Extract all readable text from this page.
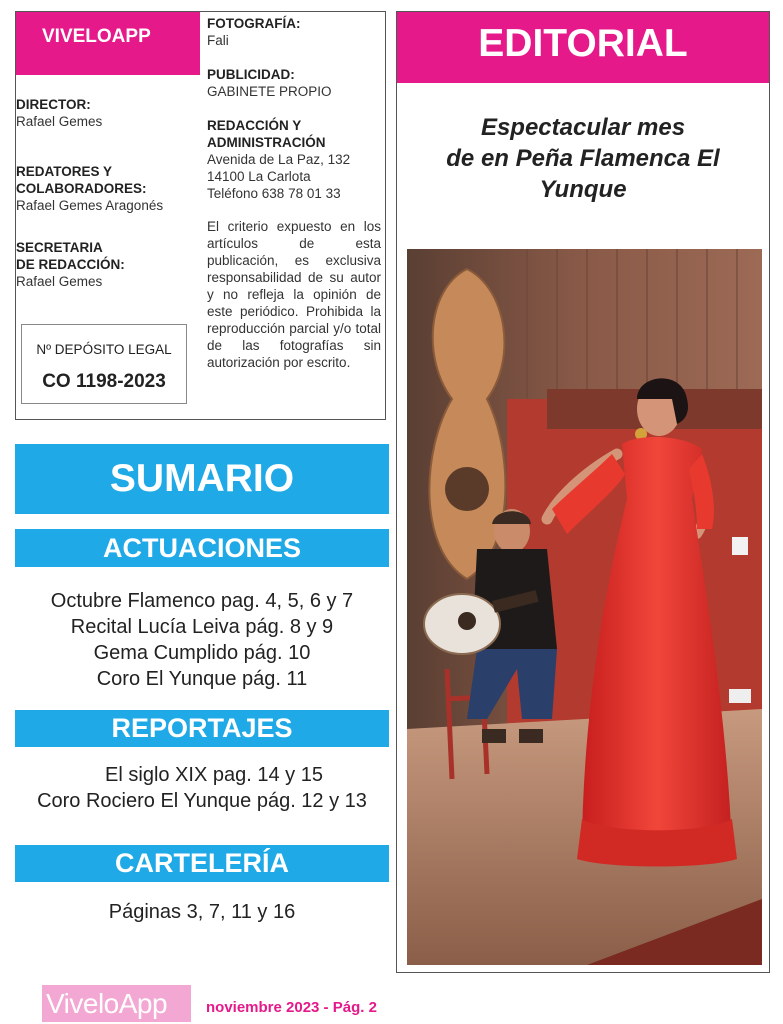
VIVELOAPP
DIRECTOR:
Rafael Gemes
REDATORES Y
COLABORADORES:
Rafael Gemes Aragonés
SECRETARIA
DE REDACCIÓN:
Rafael Gemes
Nº DEPÓSITO LEGAL
CO 1198-2023
FOTOGRAFÍA:
Fali
PUBLICIDAD:
GABINETE PROPIO
REDACCIÓN Y
ADMINISTRACIÓN
Avenida de La Paz, 132
14100 La Carlota
Teléfono 638 78 01 33
El criterio expuesto en los artículos de esta publicación, es exclusiva responsabilidad de su autor y no refleja la opinión de este periódico. Prohibida la reproducción parcial y/o total de las fotografías sin autorización por escrito.
SUMARIO
ACTUACIONES
Octubre Flamenco pag. 4, 5, 6 y 7
Recital Lucía Leiva pág. 8 y 9
Gema Cumplido pág. 10
Coro El Yunque pág. 11
REPORTAJES
El siglo XIX pag. 14 y 15
Coro Rociero El Yunque pág. 12 y 13
CARTELERÍA
Páginas 3, 7, 11 y 16
EDITORIAL
Espectacular mes
de en Peña Flamenca El
Yunque
ViveloApp	noviembre 2023 - Pág. 2
